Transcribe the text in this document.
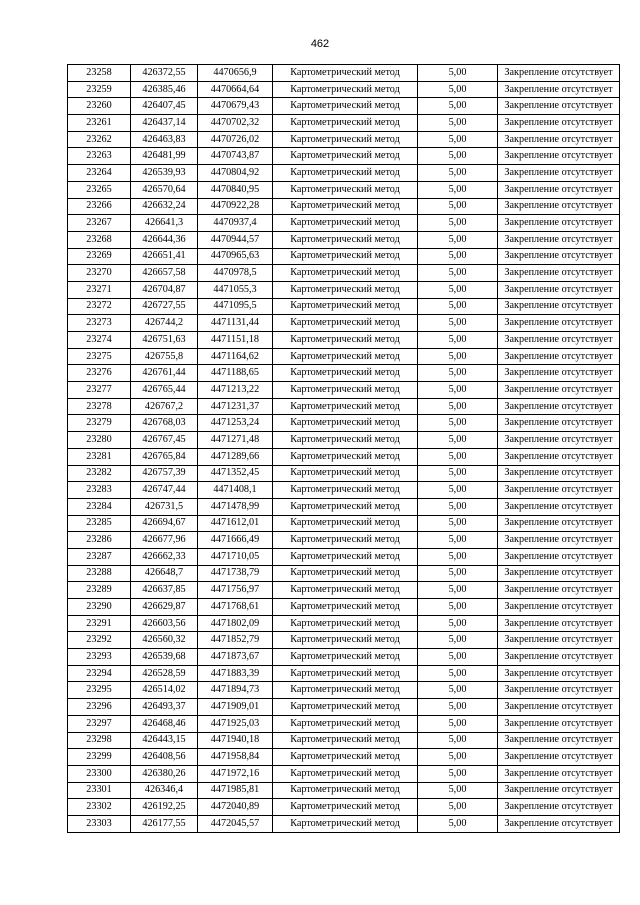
462
23258	426372,55	4470656,9	Картометрический метод	5,00	Закрепление отсутствует
23259	426385,46	4470664,64	Картометрический метод	5,00	Закрепление отсутствует
23260	426407,45	4470679,43	Картометрический метод	5,00	Закрепление отсутствует
23261	426437,14	4470702,32	Картометрический метод	5,00	Закрепление отсутствует
23262	426463,83	4470726,02	Картометрический метод	5,00	Закрепление отсутствует
23263	426481,99	4470743,87	Картометрический метод	5,00	Закрепление отсутствует
23264	426539,93	4470804,92	Картометрический метод	5,00	Закрепление отсутствует
23265	426570,64	4470840,95	Картометрический метод	5,00	Закрепление отсутствует
23266	426632,24	4470922,28	Картометрический метод	5,00	Закрепление отсутствует
23267	426641,3	4470937,4	Картометрический метод	5,00	Закрепление отсутствует
23268	426644,36	4470944,57	Картометрический метод	5,00	Закрепление отсутствует
23269	426651,41	4470965,63	Картометрический метод	5,00	Закрепление отсутствует
23270	426657,58	4470978,5	Картометрический метод	5,00	Закрепление отсутствует
23271	426704,87	4471055,3	Картометрический метод	5,00	Закрепление отсутствует
23272	426727,55	4471095,5	Картометрический метод	5,00	Закрепление отсутствует
23273	426744,2	4471131,44	Картометрический метод	5,00	Закрепление отсутствует
23274	426751,63	4471151,18	Картометрический метод	5,00	Закрепление отсутствует
23275	426755,8	4471164,62	Картометрический метод	5,00	Закрепление отсутствует
23276	426761,44	4471188,65	Картометрический метод	5,00	Закрепление отсутствует
23277	426765,44	4471213,22	Картометрический метод	5,00	Закрепление отсутствует
23278	426767,2	4471231,37	Картометрический метод	5,00	Закрепление отсутствует
23279	426768,03	4471253,24	Картометрический метод	5,00	Закрепление отсутствует
23280	426767,45	4471271,48	Картометрический метод	5,00	Закрепление отсутствует
23281	426765,84	4471289,66	Картометрический метод	5,00	Закрепление отсутствует
23282	426757,39	4471352,45	Картометрический метод	5,00	Закрепление отсутствует
23283	426747,44	4471408,1	Картометрический метод	5,00	Закрепление отсутствует
23284	426731,5	4471478,99	Картометрический метод	5,00	Закрепление отсутствует
23285	426694,67	4471612,01	Картометрический метод	5,00	Закрепление отсутствует
23286	426677,96	4471666,49	Картометрический метод	5,00	Закрепление отсутствует
23287	426662,33	4471710,05	Картометрический метод	5,00	Закрепление отсутствует
23288	426648,7	4471738,79	Картометрический метод	5,00	Закрепление отсутствует
23289	426637,85	4471756,97	Картометрический метод	5,00	Закрепление отсутствует
23290	426629,87	4471768,61	Картометрический метод	5,00	Закрепление отсутствует
23291	426603,56	4471802,09	Картометрический метод	5,00	Закрепление отсутствует
23292	426560,32	4471852,79	Картометрический метод	5,00	Закрепление отсутствует
23293	426539,68	4471873,67	Картометрический метод	5,00	Закрепление отсутствует
23294	426528,59	4471883,39	Картометрический метод	5,00	Закрепление отсутствует
23295	426514,02	4471894,73	Картометрический метод	5,00	Закрепление отсутствует
23296	426493,37	4471909,01	Картометрический метод	5,00	Закрепление отсутствует
23297	426468,46	4471925,03	Картометрический метод	5,00	Закрепление отсутствует
23298	426443,15	4471940,18	Картометрический метод	5,00	Закрепление отсутствует
23299	426408,56	4471958,84	Картометрический метод	5,00	Закрепление отсутствует
23300	426380,26	4471972,16	Картометрический метод	5,00	Закрепление отсутствует
23301	426346,4	4471985,81	Картометрический метод	5,00	Закрепление отсутствует
23302	426192,25	4472040,89	Картометрический метод	5,00	Закрепление отсутствует
23303	426177,55	4472045,57	Картометрический метод	5,00	Закрепление отсутствует
